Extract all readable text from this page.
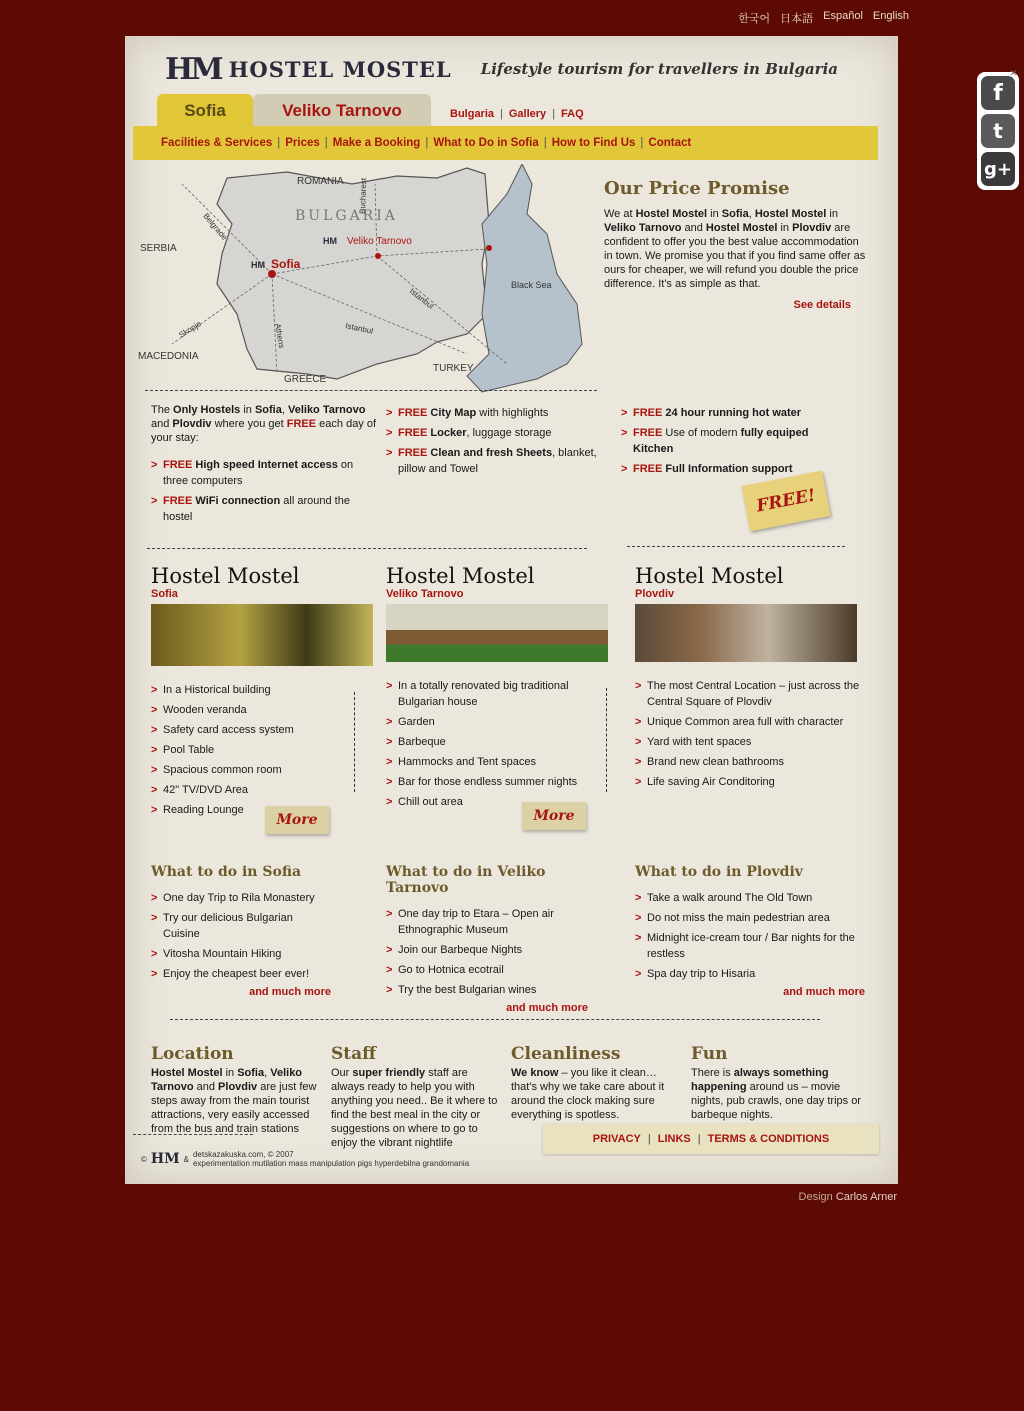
한국어 日本語 Español English
✕
f
t
g+
HM HOSTEL MOSTEL Lifestyle tourism for travellers in Bulgaria
Sofia	Veliko Tarnovo	Bulgaria | Gallery | FAQ
Facilities & Services | Prices | Make a Booking | What to Do in Sofia | How to Find Us | Contact
BULGARIA
ROMANIA
SERBIA
MACEDONIA
GREECE
TURKEY
Black Sea
Belgrade
Bucharest
Skopje	Athens	Istanbul
Istanbul
HM Sofia
HM Veliko Tarnovo
Our Price Promise

We at Hostel Mostel in Sofia, Hostel Mostel in Veliko Tarnovo and Hostel Mostel in Plovdiv are confident to offer you the best value accommodation in town. We promise you that if you find same offer as ours for cheaper, we will refund you double the price difference. It's as simple as that.

See details
The Only Hostels in Sofia, Veliko Tarnovo and Plovdiv where you get FREE each day of your stay:
> FREE High speed Internet access on three computers
> FREE WiFi connection all around the hostel
> FREE City Map with highlights
> FREE Locker, luggage storage
> FREE Clean and fresh Sheets, blanket, pillow and Towel
> FREE 24 hour running hot water
> FREE Use of modern fully equiped Kitchen
> FREE Full Information support
FREE!
Hostel Mostel
Sofia
> In a Historical building
> Wooden veranda
> Safety card access system
> Pool Table
> Spacious common room
> 42" TV/DVD Area
> Reading Lounge
More
Hostel Mostel
Veliko Tarnovo
> In a totally renovated big traditional Bulgarian house
> Garden
> Barbeque
> Hammocks and Tent spaces
> Bar for those endless summer nights
> Chill out area
More
Hostel Mostel
Plovdiv
> The most Central Location – just across the Central Square of Plovdiv
> Unique Common area full with character
> Yard with tent spaces
> Brand new clean bathrooms
> Life saving Air Conditoring
What to do in Sofia
> One day Trip to Rila Monastery
> Try our delicious Bulgarian Cuisine
> Vitosha Mountain Hiking
> Enjoy the cheapest beer ever!
and much more
What to do in Veliko Tarnovo
> One day trip to Etara – Open air Ethnographic Museum
> Join our Barbeque Nights
> Go to Hotnica ecotrail
> Try the best Bulgarian wines
and much more
What to do in Plovdiv
> Take a walk around The Old Town
> Do not miss the main pedestrian area
> Midnight ice-cream tour / Bar nights for the restless
> Spa day trip to Hisaria
and much more
Location

Hostel Mostel in Sofia, Veliko Tarnovo and Plovdiv are just few steps away from the main tourist attractions, very easily accessed from the bus and train stations

Staff

Our super friendly staff are always ready to help you with anything you need.. Be it where to find the best meal in the city or suggestions on where to go to enjoy the vibrant nightlife

Cleanliness

We know – you like it clean… that's why we take care about it around the clock making sure everything is spotless.

Fun

There is always something happening around us – movie nights, pub crawls, one day trips or barbeque nights.

PRIVACY | LINKS | TERMS & CONDITIONS
© HM & detskazakuska.com, © 2007
experimentation mutilation mass manipulation pigs hyperdebilna grandomania
Design Carlos Arner
